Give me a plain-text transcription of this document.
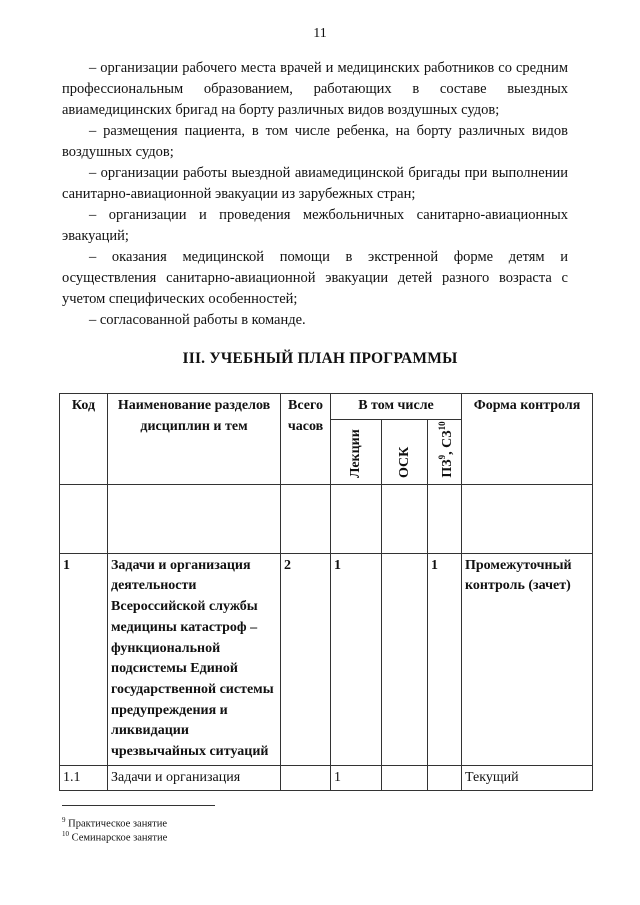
11

– организации рабочего места врачей и медицинских работников со средним профессиональным образованием, работающих в составе выездных авиамедицинских бригад на борту различных видов воздушных судов;

– размещения пациента, в том числе ребенка, на борту различных видов воздушных судов;

– организации работы выездной авиамедицинской бригады при выполнении санитарно-авиационной эвакуации из зарубежных стран;

– организации и проведения межбольничных санитарно-авиационных эвакуаций;

– оказания медицинской помощи в экстренной форме детям и осуществления санитарно-авиационной эвакуации детей разного возраста с учетом специфических особенностей;

– согласованной работы в команде.

III. УЧЕБНЫЙ ПЛАН ПРОГРАММЫ
Код	Наименование разделов дисциплин и тем	Всего часов	В том числе			Форма контроля

			Лекции	ОСК	$ПЗ^9$, СЗ$^{10}$

1	Задачи и организация деятельности Всероссийской службы медицины катастроф – функциональной подсистемы Единой государственной системы предупреждения и ликвидации чрезвычайных ситуаций	2	1		1	Промежуточный контроль (зачет)
1.1	Задачи и организация		1			Текущий
$^9$ Практическое занятие
$^{10}$ Семинарское занятие
